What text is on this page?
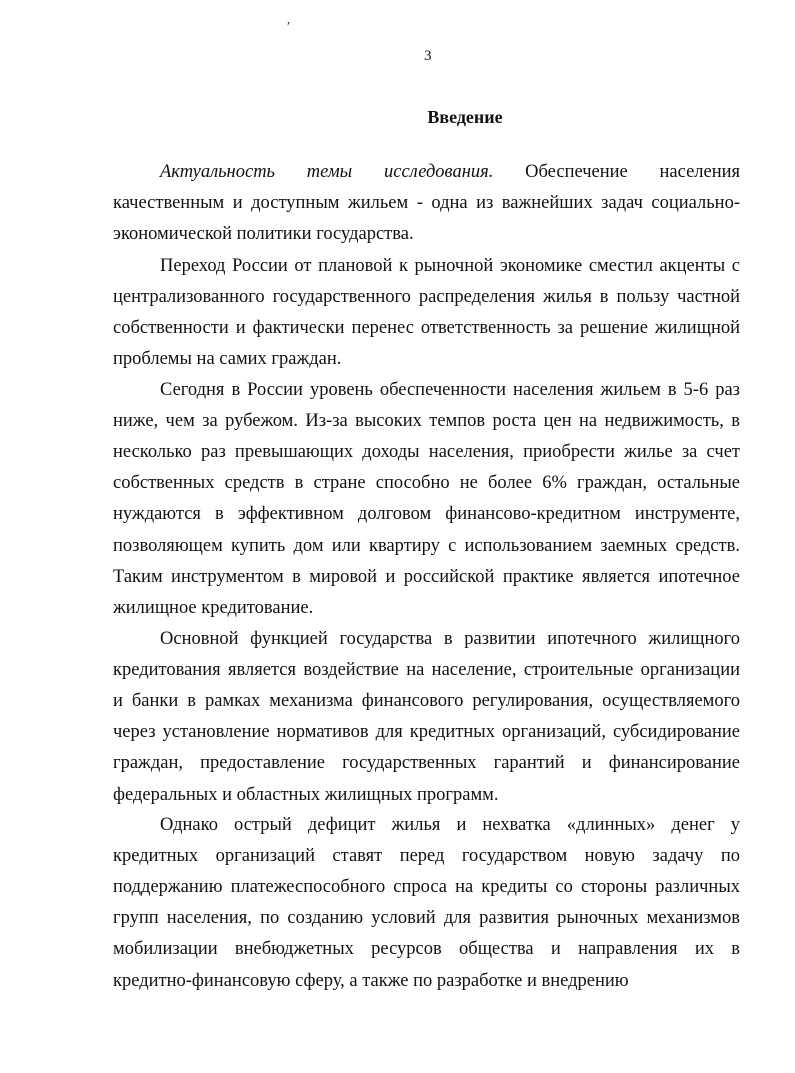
,
3
Введение
Актуальность темы исследования. Обеспечение населения
качественным и доступным жильем - одна из важнейших задач социально-
экономической политики государства.
Переход России от плановой к рыночной экономике сместил акценты с
централизованного государственного распределения жилья в пользу частной
собственности и фактически перенес ответственность за решение жилищной
проблемы на самих граждан.
Сегодня в России уровень обеспеченности населения жильем в 5-6 раз
ниже, чем за рубежом. Из-за высоких темпов роста цен на недвижимость, в
несколько раз превышающих доходы населения, приобрести жилье за счет
собственных средств в стране способно не более 6% граждан, остальные
нуждаются в эффективном долговом финансово-кредитном инструменте,
позволяющем купить дом или квартиру с использованием заемных средств.
Таким инструментом в мировой и российской практике является ипотечное
жилищное кредитование.
Основной функцией государства в развитии ипотечного жилищного
кредитования является воздействие на население, строительные организации
и банки в рамках механизма финансового регулирования, осуществляемого
через установление нормативов для кредитных организаций, субсидирование
граждан, предоставление государственных гарантий и финансирование
федеральных и областных жилищных программ.
Однако острый дефицит жилья и нехватка «длинных» денег у
кредитных организаций ставят перед государством новую задачу по
поддержанию платежеспособного спроса на кредиты со стороны различных
групп населения, по созданию условий для развития рыночных механизмов
мобилизации внебюджетных ресурсов общества и направления их в
кредитно-финансовую сферу, а также по разработке и внедрению
